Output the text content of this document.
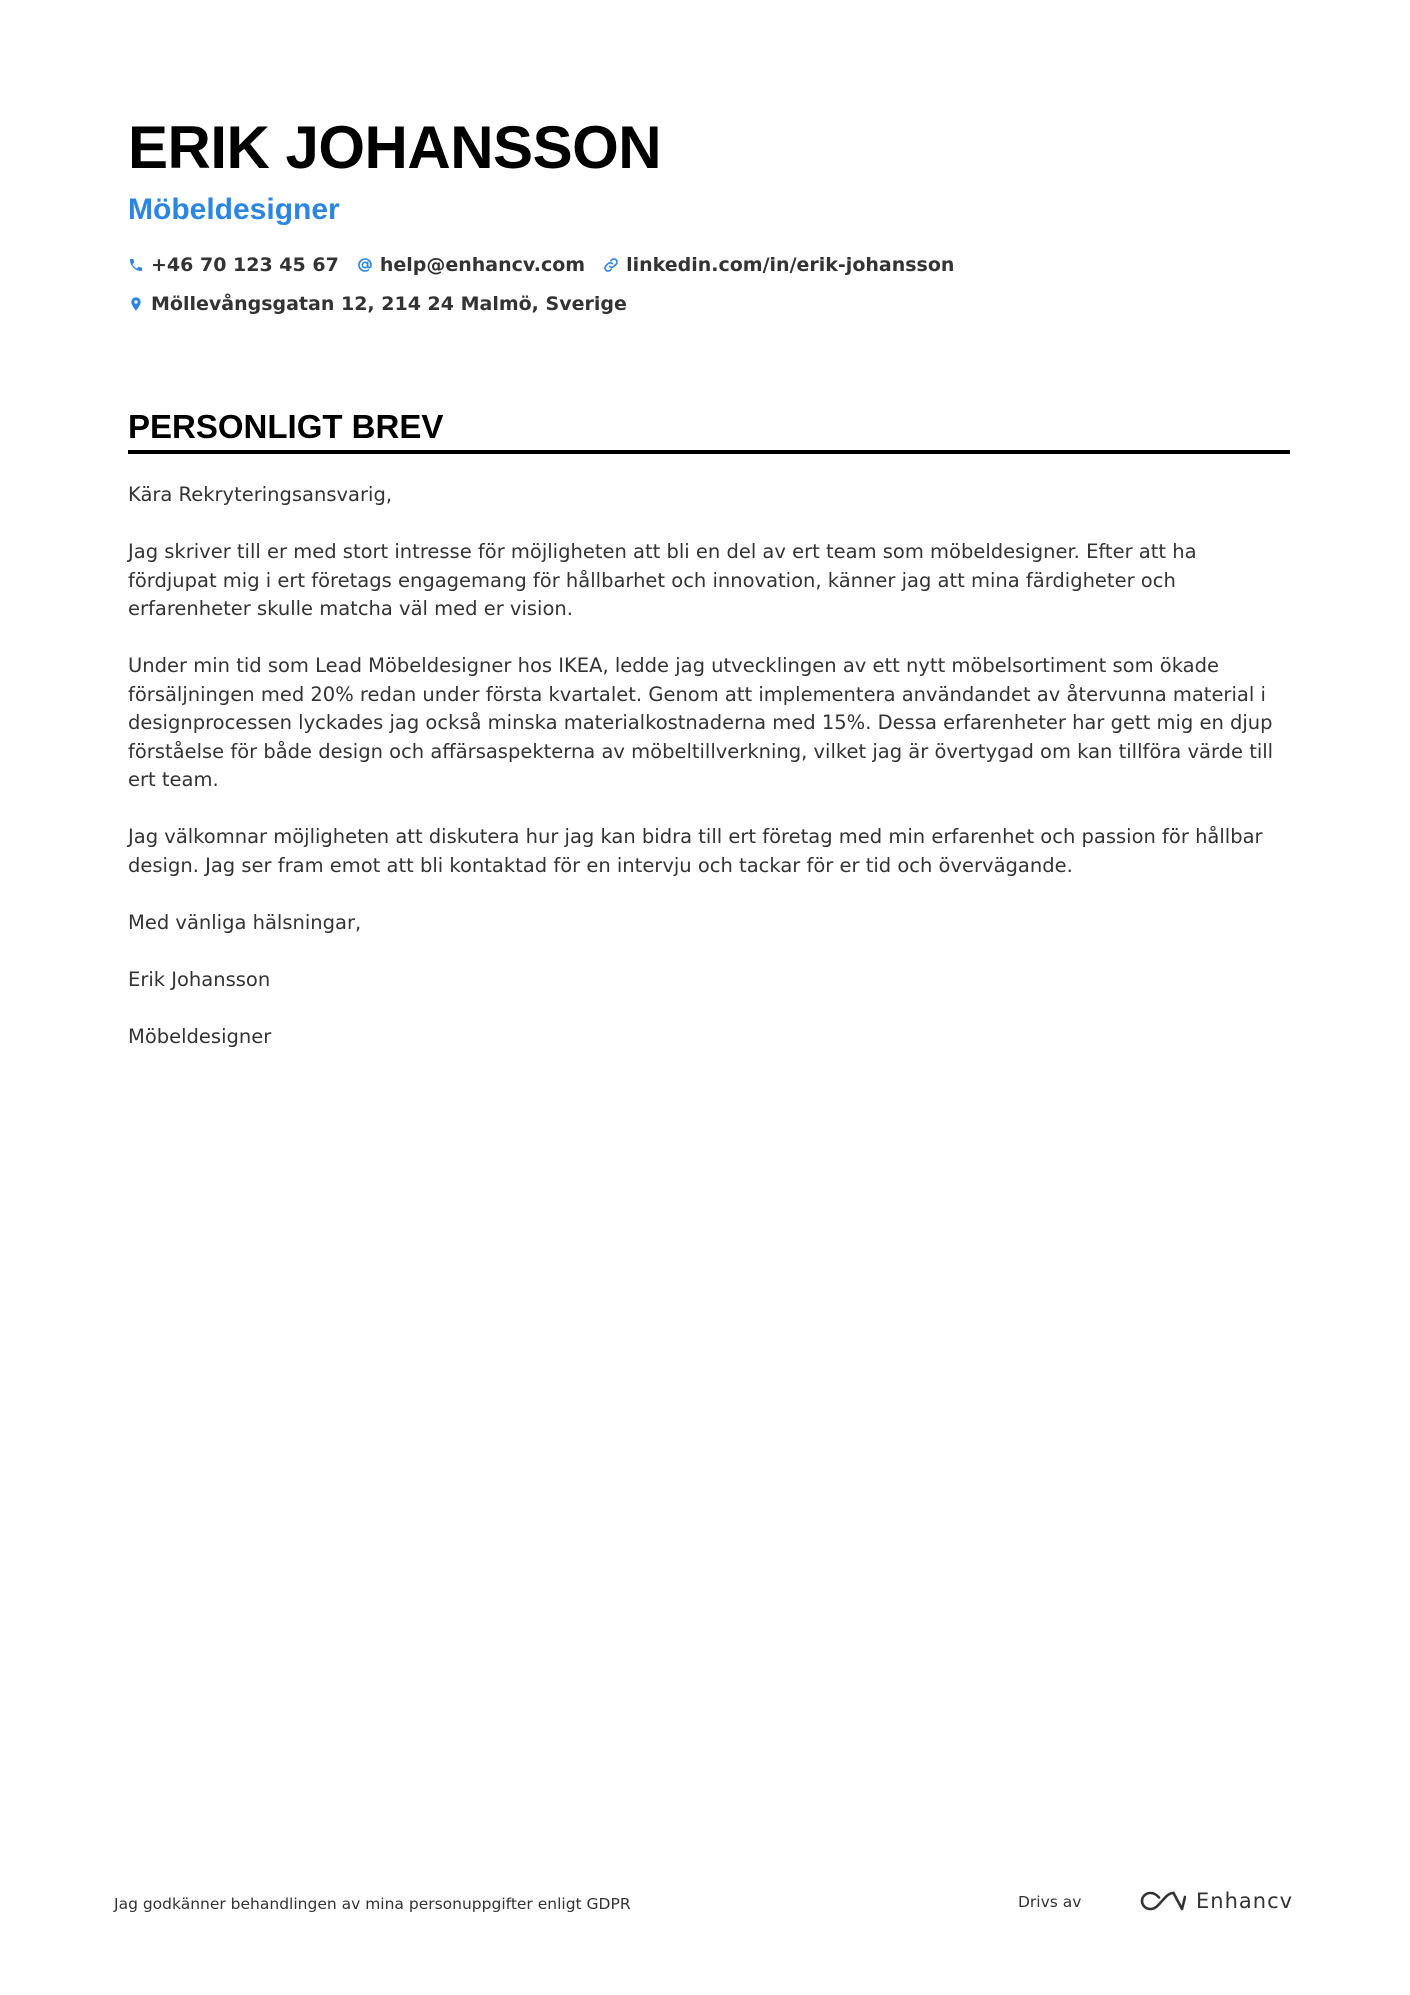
ERIK JOHANSSON
Möbeldesigner
+46 70 123 45 67 help@enhancv.com linkedin.com/in/erik-johansson
Möllevångsgatan 12, 214 24 Malmö, Sverige
PERSONLIGT BREV

Kära Rekryteringsansvarig,

Jag skriver till er med stort intresse för möjligheten att bli en del av ert team som möbeldesigner. Efter att ha fördjupat mig i ert företags engagemang för hållbarhet och innovation, känner jag att mina färdigheter och erfarenheter skulle matcha väl med er vision.

Under min tid som Lead Möbeldesigner hos IKEA, ledde jag utvecklingen av ett nytt möbelsortiment som ökade försäljningen med 20% redan under första kvartalet. Genom att implementera användandet av återvunna material i designprocessen lyckades jag också minska materialkostnaderna med 15%. Dessa erfarenheter har gett mig en djup förståelse för både design och affärsaspekterna av möbeltillverkning, vilket jag är övertygad om kan tillföra värde till ert team.

Jag välkomnar möjligheten att diskutera hur jag kan bidra till ert företag med min erfarenhet och passion för hållbar design. Jag ser fram emot att bli kontaktad för en intervju och tackar för er tid och övervägande.

Med vänliga hälsningar,

Erik Johansson

Möbeldesigner

Jag godkänner behandlingen av mina personuppgifter enligt GDPR	Drivs av	Enhancv
